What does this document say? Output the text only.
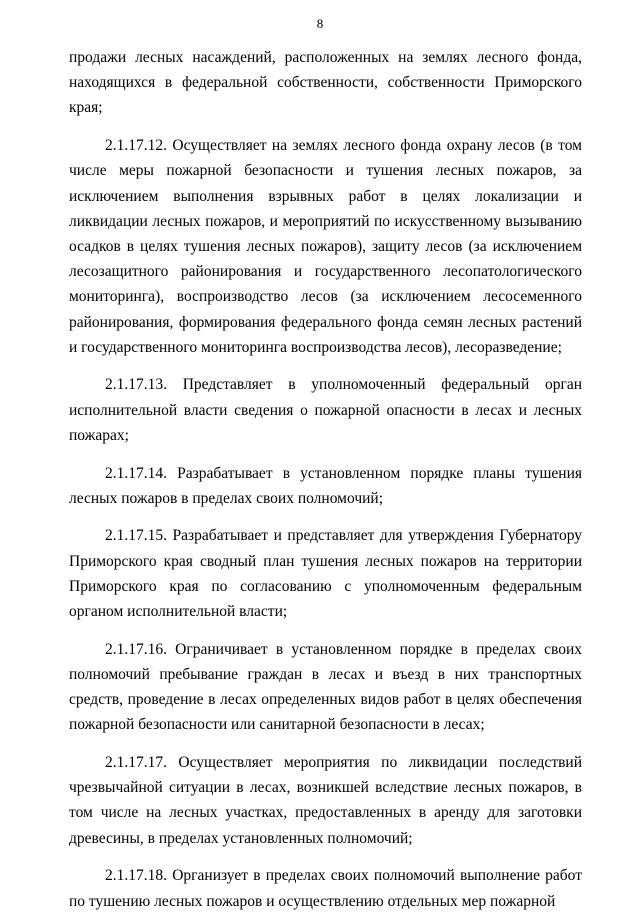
8

продажи лесных насаждений, расположенных на землях лесного фонда, находящихся в федеральной собственности, собственности Приморского края;

2.1.17.12. Осуществляет на землях лесного фонда охрану лесов (в том числе меры пожарной безопасности и тушения лесных пожаров, за исключением выполнения взрывных работ в целях локализации и ликвидации лесных пожаров, и мероприятий по искусственному вызыванию осадков в целях тушения лесных пожаров), защиту лесов (за исключением лесозащитного районирования и государственного лесопатологического мониторинга), воспроизводство лесов (за исключением лесосеменного районирования, формирования федерального фонда семян лесных растений и государственного мониторинга воспроизводства лесов), лесоразведение;

2.1.17.13. Представляет в уполномоченный федеральный орган исполнительной власти сведения о пожарной опасности в лесах и лесных пожарах;

2.1.17.14. Разрабатывает в установленном порядке планы тушения лесных пожаров в пределах своих полномочий;

2.1.17.15. Разрабатывает и представляет для утверждения Губернатору Приморского края сводный план тушения лесных пожаров на территории Приморского края по согласованию с уполномоченным федеральным органом исполнительной власти;

2.1.17.16. Ограничивает в установленном порядке в пределах своих полномочий пребывание граждан в лесах и въезд в них транспортных средств, проведение в лесах определенных видов работ в целях обеспечения пожарной безопасности или санитарной безопасности в лесах;

2.1.17.17. Осуществляет мероприятия по ликвидации последствий чрезвычайной ситуации в лесах, возникшей вследствие лесных пожаров, в том числе на лесных участках, предоставленных в аренду для заготовки древесины, в пределах установленных полномочий;

2.1.17.18. Организует в пределах своих полномочий выполнение работ по тушению лесных пожаров и осуществлению отдельных мер пожарной
